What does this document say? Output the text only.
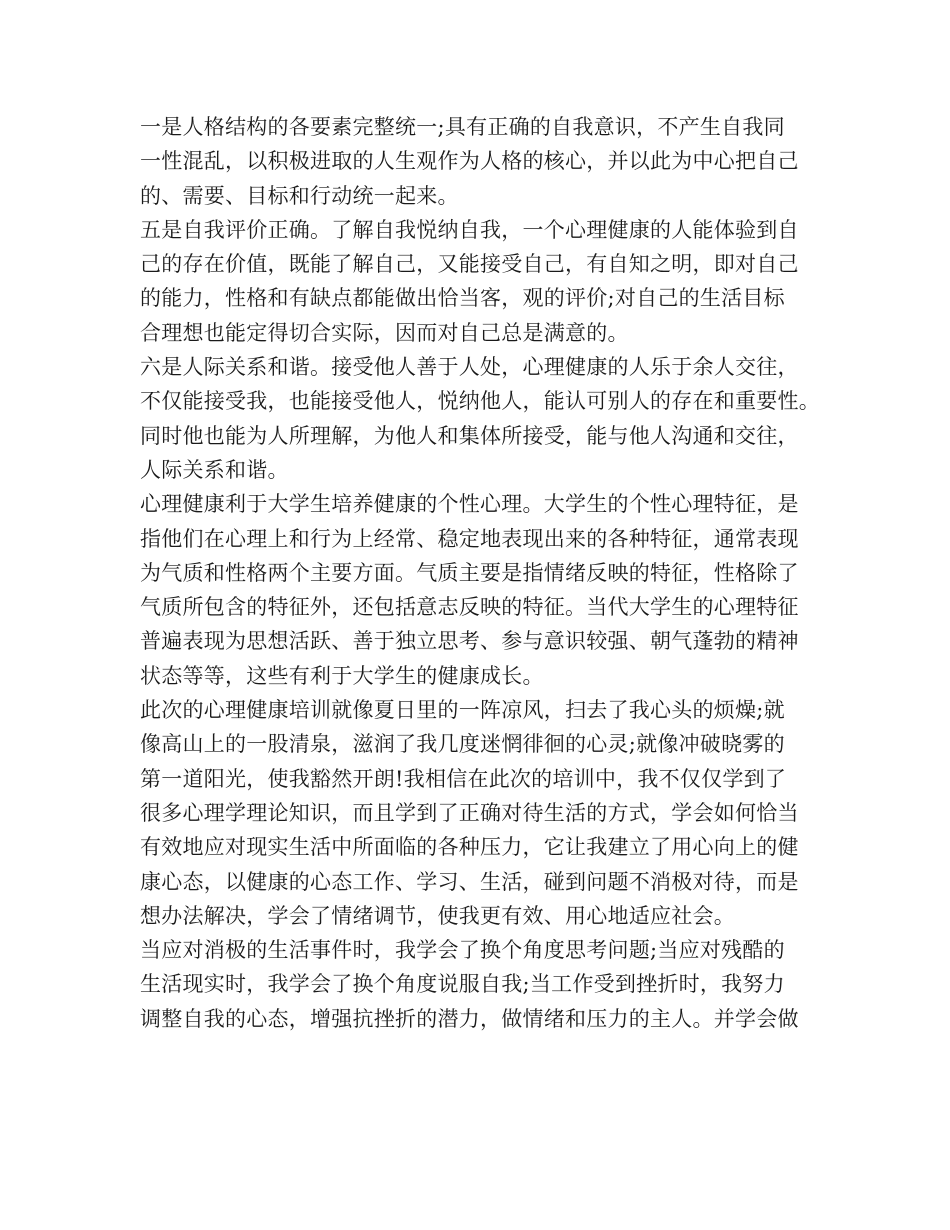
一是人格结构的各要素完整统一;具有正确的自我意识，不产生自我同
一性混乱，以积极进取的人生观作为人格的核心，并以此为中心把自己
的、需要、目标和行动统一起来。
五是自我评价正确。了解自我悦纳自我，一个心理健康的人能体验到自
己的存在价值，既能了解自己，又能接受自己，有自知之明，即对自己
的能力，性格和有缺点都能做出恰当客，观的评价;对自己的生活目标
合理想也能定得切合实际，因而对自己总是满意的。
六是人际关系和谐。接受他人善于人处，心理健康的人乐于余人交往，
不仅能接受我，也能接受他人，悦纳他人，能认可别人的存在和重要性。
同时他也能为人所理解，为他人和集体所接受，能与他人沟通和交往，
人际关系和谐。
心理健康利于大学生培养健康的个性心理。大学生的个性心理特征，是
指他们在心理上和行为上经常、稳定地表现出来的各种特征，通常表现
为气质和性格两个主要方面。气质主要是指情绪反映的特征，性格除了
气质所包含的特征外，还包括意志反映的特征。当代大学生的心理特征
普遍表现为思想活跃、善于独立思考、参与意识较强、朝气蓬勃的精神
状态等等，这些有利于大学生的健康成长。
此次的心理健康培训就像夏日里的一阵凉风，扫去了我心头的烦燥;就
像高山上的一股清泉，滋润了我几度迷惘徘徊的心灵;就像冲破晓雾的
第一道阳光，使我豁然开朗!我相信在此次的培训中，我不仅仅学到了
很多心理学理论知识，而且学到了正确对待生活的方式，学会如何恰当
有效地应对现实生活中所面临的各种压力，它让我建立了用心向上的健
康心态，以健康的心态工作、学习、生活，碰到问题不消极对待，而是
想办法解决，学会了情绪调节，使我更有效、用心地适应社会。
当应对消极的生活事件时，我学会了换个角度思考问题;当应对残酷的
生活现实时，我学会了换个角度说服自我;当工作受到挫折时，我努力
调整自我的心态，增强抗挫折的潜力，做情绪和压力的主人。并学会做
